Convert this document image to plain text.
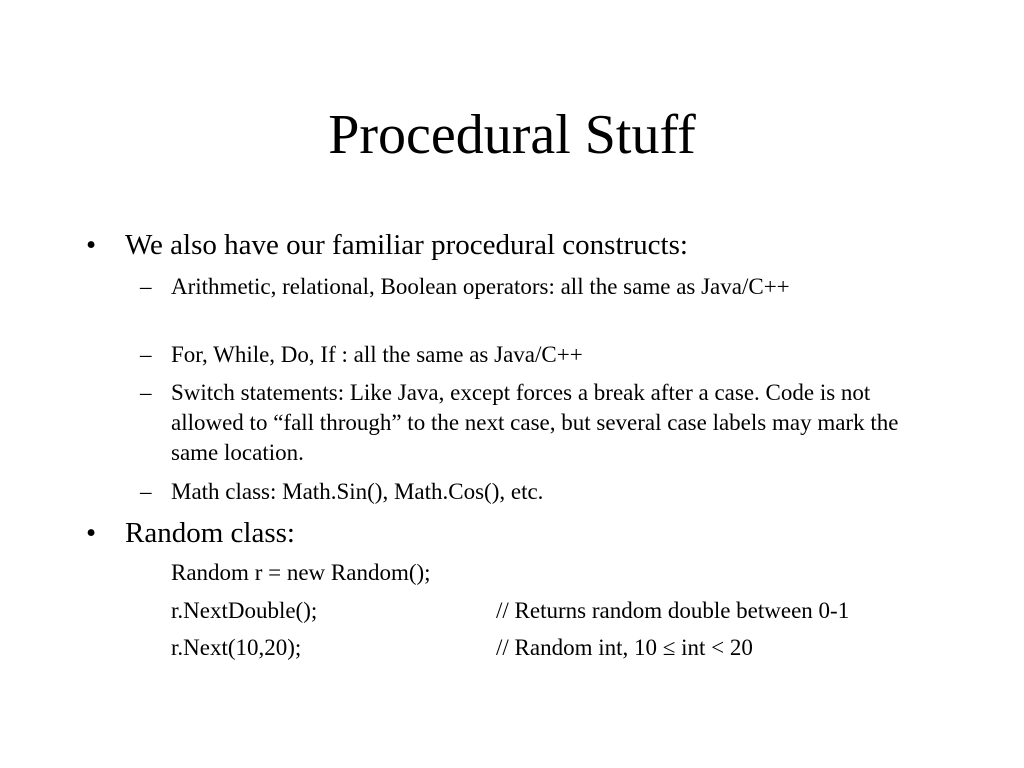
Procedural Stuff
• We also have our familiar procedural constructs:
– Arithmetic, relational, Boolean operators: all the same as Java/C++
– For, While, Do, If : all the same as Java/C++
– Switch statements: Like Java, except forces a break after a case. Code is not allowed to “fall through” to the next case, but several case labels may mark the same location.
– Math class: Math.Sin(), Math.Cos(), etc.
• Random class:
Random r = new Random();
r.NextDouble();	// Returns random double between 0-1
r.Next(10,20);	// Random int, 10 ≤ int < 20
